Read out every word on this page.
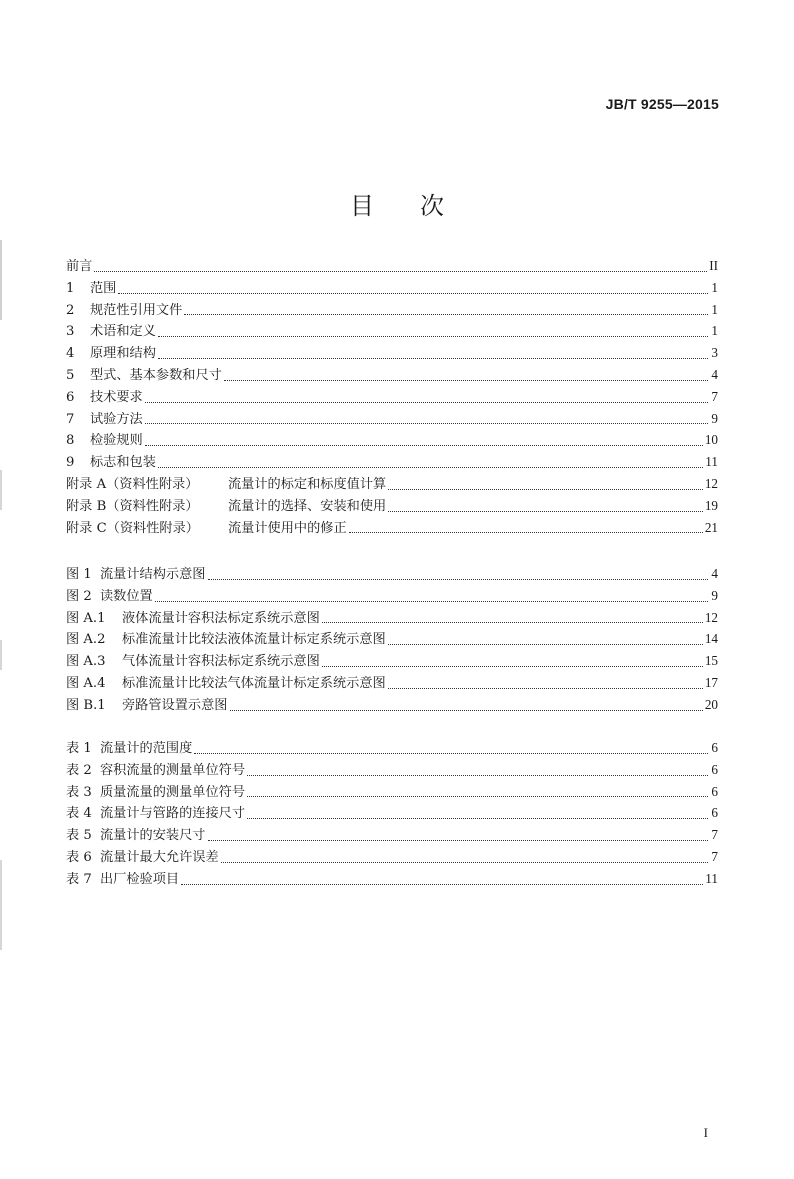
JB/T 9255—2015
目 次
前言	II
1	范围	1
2	规范性引用文件	1
3	术语和定义	1
4	原理和结构	3
5	型式、基本参数和尺寸	4
6	技术要求	7
7	试验方法	9
8	检验规则	10
9	标志和包装	11
附录 A（资料性附录）	流量计的标定和标度值计算	12
附录 B（资料性附录）	流量计的选择、安装和使用	19
附录 C（资料性附录）	流量计使用中的修正	21
图 1 流量计结构示意图	4
图 2 读数位置	9
图 A.1	液体流量计容积法标定系统示意图	12
图 A.2	标准流量计比较法液体流量计标定系统示意图	14
图 A.3	气体流量计容积法标定系统示意图	15
图 A.4	标准流量计比较法气体流量计标定系统示意图	17
图 B.1	旁路管设置示意图	20
表 1 流量计的范围度	6
表 2 容积流量的测量单位符号	6
表 3 质量流量的测量单位符号	6
表 4 流量计与管路的连接尺寸	6
表 5 流量计的安装尺寸	7
表 6 流量计最大允许误差	7
表 7 出厂检验项目	11
I
